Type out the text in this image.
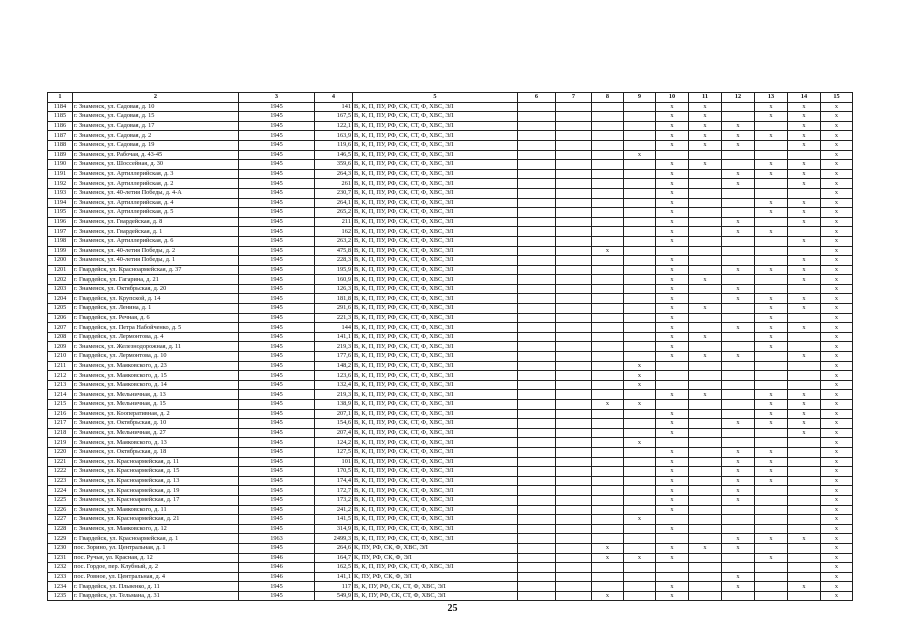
1	2	3	4	5	6	7	8	9	10	11	12	13	14	15
1184	г. Знаменск, ул. Садовая, д. 10	1945	141	В, К, П, ПУ, РФ, СК, СТ, Ф, ХВС, ЭЛ					х	х		х	х	х
1185	г. Знаменск, ул. Садовая, д. 15	1945	167,5	В, К, П, ПУ, РФ, СК, СТ, Ф, ХВС, ЭЛ					х	х		х	х	х
1186	г. Знаменск, ул. Садовая, д. 17	1945	122,1	В, К, П, ПУ, РФ, СК, СТ, Ф, ХВС, ЭЛ					х	х	х		х	х
1187	г. Знаменск, ул. Садовая, д. 2	1945	163,9	В, К, П, ПУ, РФ, СК, СТ, Ф, ХВС, ЭЛ					х	х	х	х	х	х
1188	г. Знаменск, ул. Садовая, д. 19	1945	119,6	В, К, П, ПУ, РФ, СК, СТ, Ф, ХВС, ЭЛ					х	х	х		х	х
1189	г. Знаменск, ул. Рабочая, д. 43-45	1945	146,5	В, К, П, ПУ, РФ, СК, СТ, Ф, ХВС, ЭЛ				х						х
1190	г. Знаменск, ул. Шоссейная, д. 30	1945	359,6	В, К, П, ПУ, РФ, СК, СТ, Ф, ХВС, ЭЛ					х	х		х	х	х
1191	г. Знаменск, ул. Артиллерийская, д. 3	1945	264,3	В, К, П, ПУ, РФ, СК, СТ, Ф, ХВС, ЭЛ					х		х	х	х	х
1192	г. Знаменск, ул. Артиллерийская, д. 2	1945	261	В, К, П, ПУ, РФ, СК, СТ, Ф, ХВС, ЭЛ					х		х		х	х
1193	г. Знаменск, ул. 40-летия Победы, д. 4-А	1945	230,7	В, К, П, ПУ, РФ, СК, СТ, Ф, ХВС, ЭЛ					х					х
1194	г. Знаменск, ул. Артиллерийская, д. 4	1945	264,1	В, К, П, ПУ, РФ, СК, СТ, Ф, ХВС, ЭЛ					х			х	х	х
1195	г. Знаменск, ул. Артиллерийская, д. 5	1945	265,2	В, К, П, ПУ, РФ, СК, СТ, Ф, ХВС, ЭЛ					х			х	х	х
1196	г. Знаменск, ул. Гвардейская, д. 8	1945	211	В, К, П, ПУ, РФ, СК, СТ, Ф, ХВС, ЭЛ					х		х		х	х
1197	г. Знаменск, ул. Гвардейская, д. 1	1945	162	В, К, П, ПУ, РФ, СК, СТ, Ф, ХВС, ЭЛ					х		х	х		х
1198	г. Знаменск, ул. Артиллерийская, д. 6	1945	263,2	В, К, П, ПУ, РФ, СК, СТ, Ф, ХВС, ЭЛ					х				х	х
1199	г. Знаменск, ул. 40-летия Победы, д. 2	1945	475,8	В, К, П, ПУ, РФ, СК, СТ, Ф, ХВС, ЭЛ			х							х
1200	г. Знаменск, ул. 40-летия Победы, д. 1	1945	228,3	В, К, П, ПУ, РФ, СК, СТ, Ф, ХВС, ЭЛ					х				х	х
1201	г. Гвардейск, ул. Красноармейская, д. 37	1945	195,9	В, К, П, ПУ, РФ, СК, СТ, Ф, ХВС, ЭЛ					х		х	х	х	х
1202	г. Гвардейск, ул. Гагарина, д. 21	1945	160,9	В, К, П, ПУ, РФ, СК, СТ, Ф, ХВС, ЭЛ					х	х			х	х
1203	г. Знаменск, ул. Октябрьская, д. 20	1945	126,3	В, К, П, ПУ, РФ, СК, СТ, Ф, ХВС, ЭЛ					х		х			х
1204	г. Гвардейск, ул. Крупской, д. 14	1945	181,8	В, К, П, ПУ, РФ, СК, СТ, Ф, ХВС, ЭЛ					х		х	х	х	х
1205	г. Гвардейск, ул. Ленина, д. 1	1945	291,6	В, К, П, ПУ, РФ, СК, СТ, Ф, ХВС, ЭЛ					х	х		х	х	х
1206	г. Гвардейск, ул. Речная, д. 6	1945	221,3	В, К, П, ПУ, РФ, СК, СТ, Ф, ХВС, ЭЛ					х			х		х
1207	г. Гвардейск, ул. Петра Набойченко, д. 5	1945	144	В, К, П, ПУ, РФ, СК, СТ, Ф, ХВС, ЭЛ					х		х	х	х	х
1208	г. Гвардейск, ул. Лермонтова, д. 4	1945	141,1	В, К, П, ПУ, РФ, СК, СТ, Ф, ХВС, ЭЛ					х	х		х		х
1209	г. Знаменск, ул. Железнодорожная, д. 11	1945	219,3	В, К, П, ПУ, РФ, СК, СТ, Ф, ХВС, ЭЛ					х			х		х
1210	г. Гвардейск, ул. Лермонтова, д. 10	1945	177,6	В, К, П, ПУ, РФ, СК, СТ, Ф, ХВС, ЭЛ					х	х	х		х	х
1211	г. Знаменск, ул. Маяковского, д. 23	1945	148,2	В, К, П, ПУ, РФ, СК, СТ, Ф, ХВС, ЭЛ				х						х
1212	г. Знаменск, ул. Маяковского, д. 15	1945	123,6	В, К, П, ПУ, РФ, СК, СТ, Ф, ХВС, ЭЛ				х						х
1213	г. Знаменск, ул. Маяковского, д. 14	1945	132,4	В, К, П, ПУ, РФ, СК, СТ, Ф, ХВС, ЭЛ				х						х
1214	г. Знаменск, ул. Мельничная, д. 13	1945	219,3	В, К, П, ПУ, РФ, СК, СТ, Ф, ХВС, ЭЛ					х	х		х	х	х
1215	г. Знаменск, ул. Мельничная, д. 15	1945	138,9	В, К, П, ПУ, РФ, СК, СТ, Ф, ХВС, ЭЛ			х	х				х	х	х
1216	г. Знаменск, ул. Кооперативная, д. 2	1945	207,1	В, К, П, ПУ, РФ, СК, СТ, Ф, ХВС, ЭЛ					х			х	х	х
1217	г. Знаменск, ул. Октябрьская, д. 10	1945	154,6	В, К, П, ПУ, РФ, СК, СТ, Ф, ХВС, ЭЛ					х		х	х	х	х
1218	г. Знаменск, ул. Мельничная, д. 27	1945	207,4	В, К, П, ПУ, РФ, СК, СТ, Ф, ХВС, ЭЛ					х				х	х
1219	г. Знаменск, ул. Маяковского, д. 13	1945	124,2	В, К, П, ПУ, РФ, СК, СТ, Ф, ХВС, ЭЛ				х						х
1220	г. Знаменск, ул. Октябрьская, д. 18	1945	127,5	В, К, П, ПУ, РФ, СК, СТ, Ф, ХВС, ЭЛ					х		х	х		х
1221	г. Знаменск, ул. Красноармейская, д. 11	1945	101	В, К, П, ПУ, РФ, СК, СТ, Ф, ХВС, ЭЛ					х		х	х		х
1222	г. Знаменск, ул. Красноармейская, д. 15	1945	170,5	В, К, П, ПУ, РФ, СК, СТ, Ф, ХВС, ЭЛ					х		х	х		х
1223	г. Знаменск, ул. Красноармейская, д. 13	1945	174,4	В, К, П, ПУ, РФ, СК, СТ, Ф, ХВС, ЭЛ					х		х	х		х
1224	г. Знаменск, ул. Красноармейская, д. 19	1945	172,7	В, К, П, ПУ, РФ, СК, СТ, Ф, ХВС, ЭЛ					х		х			х
1225	г. Знаменск, ул. Красноармейская, д. 17	1945	173,2	В, К, П, ПУ, РФ, СК, СТ, Ф, ХВС, ЭЛ					х		х			х
1226	г. Знаменск, ул. Маяковского, д. 11	1945	241,2	В, К, П, ПУ, РФ, СК, СТ, Ф, ХВС, ЭЛ					х					х
1227	г. Знаменск, ул. Красноармейская, д. 21	1945	141,5	В, К, П, ПУ, РФ, СК, СТ, Ф, ХВС, ЭЛ				х						х
1228	г. Знаменск, ул. Маяковского, д. 12	1945	314,9	В, К, П, ПУ, РФ, СК, СТ, Ф, ХВС, ЭЛ					х					х
1229	г. Гвардейск, ул. Красноармейская, д. 1	1963	2499,3	В, К, П, ПУ, РФ, СК, СТ, Ф, ХВС, ЭЛ							х	х	х	х
1230	пос. Зорино, ул. Центральная, д. 1	1945	264,6	К, ПУ, РФ, СК, Ф, ХВС, ЭЛ			х		х	х	х			х
1231	пос. Ручьи, ул. Красная, д. 12	1946	164,7	К, ПУ, РФ, СК, Ф, ЭЛ			х	х	х			х		х
1232	пос. Гордое, пер. Клубный, д. 2	1946	162,5	В, К, П, ПУ, РФ, СК, СТ, Ф, ХВС, ЭЛ										х
1233	пос. Ровное, ул. Центральная, д. 4	1946	141,1	К, ПУ, РФ, СК, Ф, ЭЛ							х			х
1234	г. Гвардейск, ул. Пльвенко, д. 11	1945	117	В, К, ПУ, РФ, СК, СТ, Ф, ХВС, ЭЛ					х		х		х	х
1235	г. Гвардейск, ул. Тельмана, д. 31	1945	549,9	В, К, ПУ, РФ, СК, СТ, Ф, ХВС, ЭЛ			х		х					х
25
